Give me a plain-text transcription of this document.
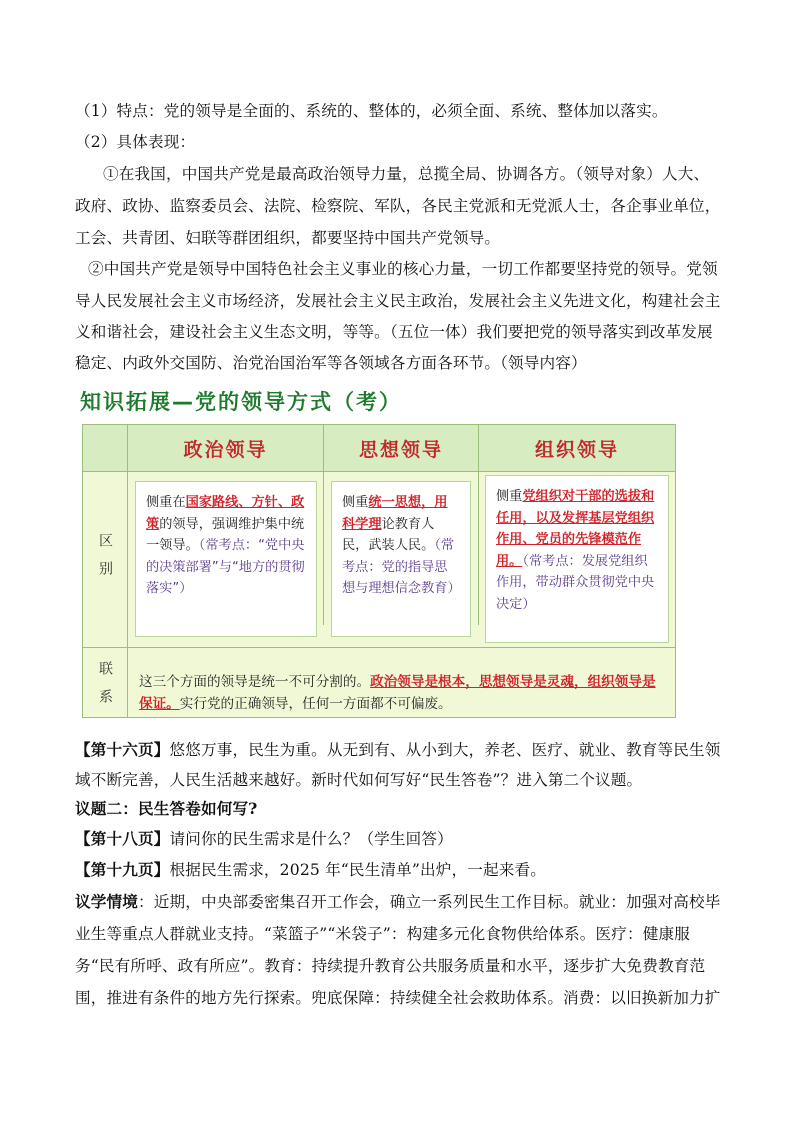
（1）特点：党的领导是全面的、系统的、整体的，必须全面、系统、整体加以落实。
（2）具体表现：
①在我国，中国共产党是最高政治领导力量，总揽全局、协调各方。（领导对象）人大、
政府、政协、监察委员会、法院、检察院、军队，各民主党派和无党派人士，各企事业单位，
工会、共青团、妇联等群团组织，都要坚持中国共产党领导。
②中国共产党是领导中国特色社会主义事业的核心力量，一切工作都要坚持党的领导。党领
导人民发展社会主义市场经济，发展社会主义民主政治，发展社会主义先进文化，构建社会主
义和谐社会，建设社会主义生态文明，等等。（五位一体）我们要把党的领导落实到改革发展
稳定、内政外交国防、治党治国治军等各领域各方面各环节。（领导内容）
知识拓展—党的领导方式（考）
政治领导	思想领导	组织领导
区别
联系
侧重在国家路线、方针、政策的领导，强调维护集中统一领导。（常考点：“党中央的决策部署”与“地方的贯彻落实”）
侧重统一思想，用科学理论教育人民，武装人民。（常考点：党的指导思想与理想信念教育）
侧重党组织对干部的选拔和任用，以及发挥基层党组织作用、党员的先锋模范作用。（常考点：发展党组织作用，带动群众贯彻党中央决定）
这三个方面的领导是统一不可分割的。政治领导是根本，思想领导是灵魂，组织领导是保证。实行党的正确领导，任何一方面都不可偏废。
【第十六页】悠悠万事，民生为重。从无到有、从小到大，养老、医疗、就业、教育等民生领
域不断完善，人民生活越来越好。新时代如何写好“民生答卷”？进入第二个议题。
议题二：民生答卷如何写?
【第十八页】请问你的民生需求是什么？（学生回答）
【第十九页】根据民生需求，2025 年“民生清单”出炉，一起来看。
议学情境：近期，中央部委密集召开工作会，确立一系列民生工作目标。就业：加强对高校毕
业生等重点人群就业支持。“菜篮子”“米袋子”：构建多元化食物供给体系。医疗：健康服
务“民有所呼、政有所应”。教育：持续提升教育公共服务质量和水平，逐步扩大免费教育范
围，推进有条件的地方先行探索。兜底保障：持续健全社会救助体系。消费：以旧换新加力扩
